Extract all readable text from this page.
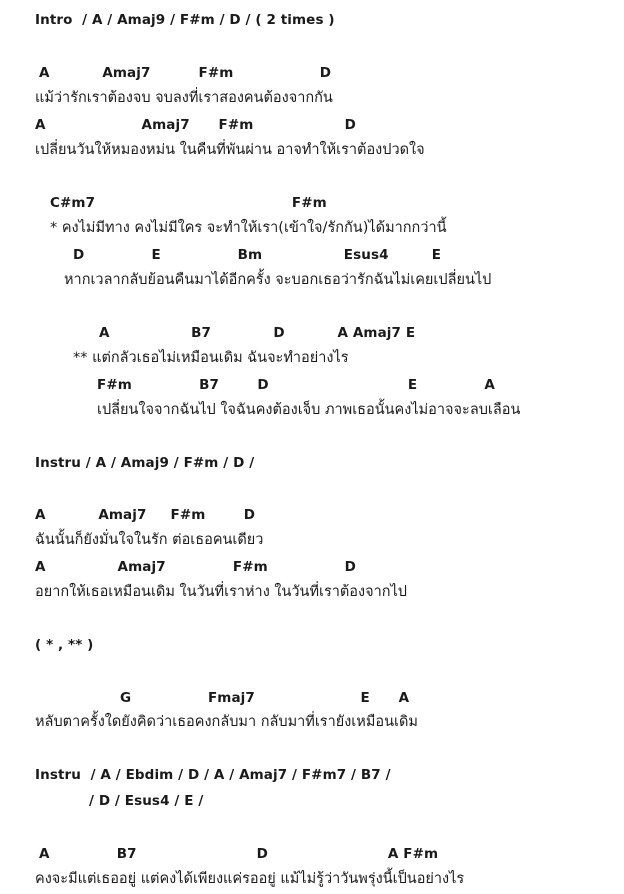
Intro  / A / Amaj9 / F#m / D / ( 2 times )

A           Amaj7          F#m                  D

แม้ว่ารักเราต้องจบ จบลงที่เราสองคนต้องจากกัน

A                    Amaj7      F#m                   D

เปลี่ยนวันให้หมองหม่น ในคืนที่พันผ่าน อาจทำให้เราต้องปวดใจ

C#m7                                         F#m

* คงไม่มีทาง คงไม่มีใคร จะทำให้เรา(เข้าใจ/รักกัน)ได้มากกว่านี้

D              E                Bm                 Esus4         E

หากเวลากลับย้อนคืนมาได้อีกครั้ง จะบอกเธอว่ารักฉันไม่เคยเปลี่ยนไป

A                 B7             D           A Amaj7 E

** แต่กลัวเธอไม่เหมือนเดิม ฉันจะทำอย่างไร

F#m              B7        D                             E              A

เปลี่ยนใจจากฉันไป ใจฉันคงต้องเจ็บ ภาพเธอนั้นคงไม่อาจจะลบเลือน

Instru / A / Amaj9 / F#m / D /

A           Amaj7     F#m        D

ฉันนั้นก็ยังมั่นใจในรัก ต่อเธอคนเดียว

A               Amaj7              F#m                D

อยากให้เธอเหมือนเดิม ในวันที่เราห่าง ในวันที่เราต้องจากไป

( * , ** )

G                Fmaj7                      E      A

หลับตาครั้งใดยังคิดว่าเธอคงกลับมา กลับมาที่เรายังเหมือนเดิม

Instru  / A / Ebdim / D / A / Amaj7 / F#m7 / B7 /

/ D / Esus4 / E /

A              B7                         D                         A F#m

คงจะมีแต่เธออยู่ แต่คงได้เพียงแค่รออยู่ แม้ไม่รู้ว่าวันพรุ่งนี้เป็นอย่างไร
